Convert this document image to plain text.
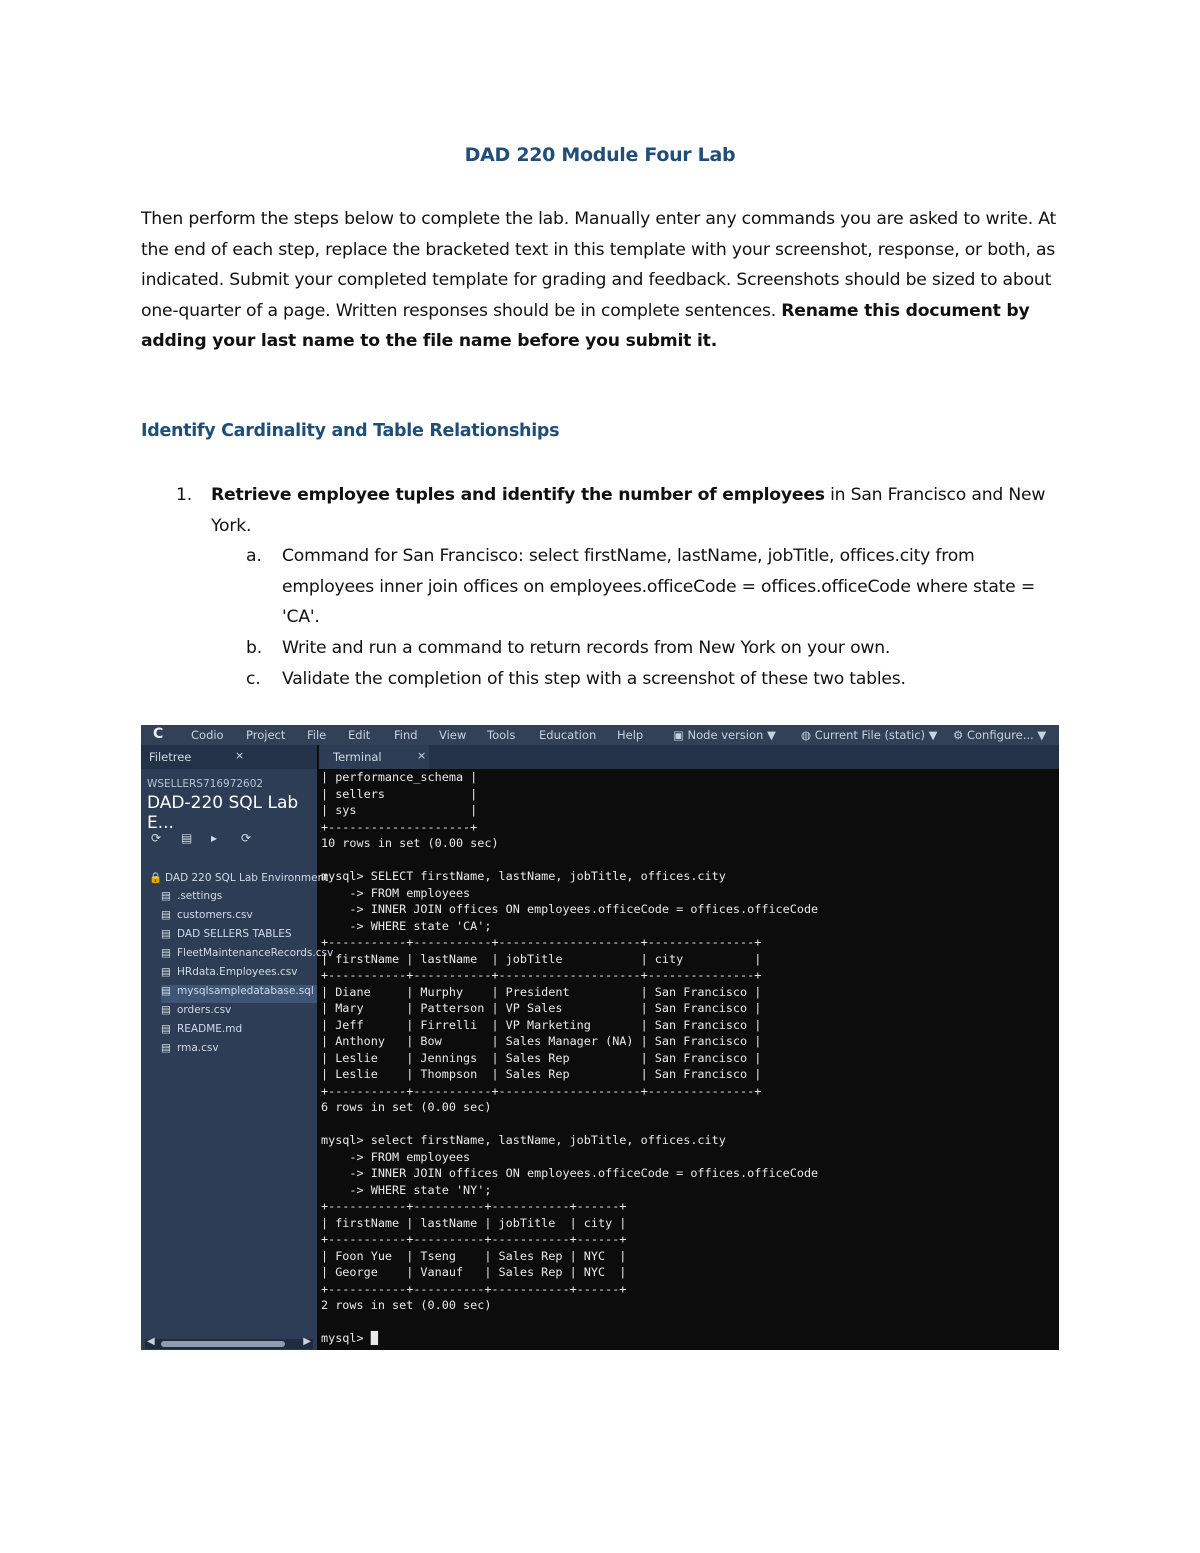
DAD 220 Module Four Lab
Then perform the steps below to complete the lab. Manually enter any commands you are asked to write. At the end of each step, replace the bracketed text in this template with your screenshot, response, or both, as indicated. Submit your completed template for grading and feedback. Screenshots should be sized to about one-quarter of a page. Written responses should be in complete sentences. Rename this document by adding your last name to the file name before you submit it.
Identify Cardinality and Table Relationships
1. Retrieve employee tuples and identify the number of employees in San Francisco and New York.
a.	Command for San Francisco: select firstName, lastName, jobTitle, offices.city from employees inner join offices on employees.officeCode = offices.officeCode where state = 'CA'.
b.	Write and run a command to return records from New York on your own.
c.	Validate the completion of this step with a screenshot of these two tables.
C Codio Project File Edit Find View Tools Education Help	▣ Node version ▼ ◍ Current File (static) ▼ ⚙ Configure... ▼
Filetree	×
WSELLERS716972602
DAD-220 SQL Lab E...
⟳ ▤ ▸ ⟳
🔒 DAD 220 SQL Lab Environment
▤ .settings
▤ customers.csv
▤ DAD SELLERS TABLES
▤ FleetMaintenanceRecords.csv
▤ HRdata.Employees.csv
▤ mysqlsampledatabase.sql
▤ orders.csv
▤ README.md
▤ rma.csv
◀	▶
Terminal	×
| performance_schema |
| sellers            |
| sys                |
+--------------------+
10 rows in set (0.00 sec)
mysql> SELECT firstName, lastName, jobTitle, offices.city
-> FROM employees
-> INNER JOIN offices ON employees.officeCode = offices.officeCode
-> WHERE state 'CA';
+-----------+-----------+--------------------+---------------+
| firstName | lastName  | jobTitle           | city          |
+-----------+-----------+--------------------+---------------+
| Diane     | Murphy    | President          | San Francisco |
| Mary      | Patterson | VP Sales           | San Francisco |
| Jeff      | Firrelli  | VP Marketing       | San Francisco |
| Anthony   | Bow       | Sales Manager (NA) | San Francisco |
| Leslie    | Jennings  | Sales Rep          | San Francisco |
| Leslie    | Thompson  | Sales Rep          | San Francisco |
+-----------+-----------+--------------------+---------------+
6 rows in set (0.00 sec)
mysql> select firstName, lastName, jobTitle, offices.city
-> FROM employees
-> INNER JOIN offices ON employees.officeCode = offices.officeCode
-> WHERE state 'NY';
+-----------+----------+-----------+------+
| firstName | lastName | jobTitle  | city |
+-----------+----------+-----------+------+
| Foon Yue  | Tseng    | Sales Rep | NYC  |
| George    | Vanauf   | Sales Rep | NYC  |
+-----------+----------+-----------+------+
2 rows in set (0.00 sec)
mysql> █
